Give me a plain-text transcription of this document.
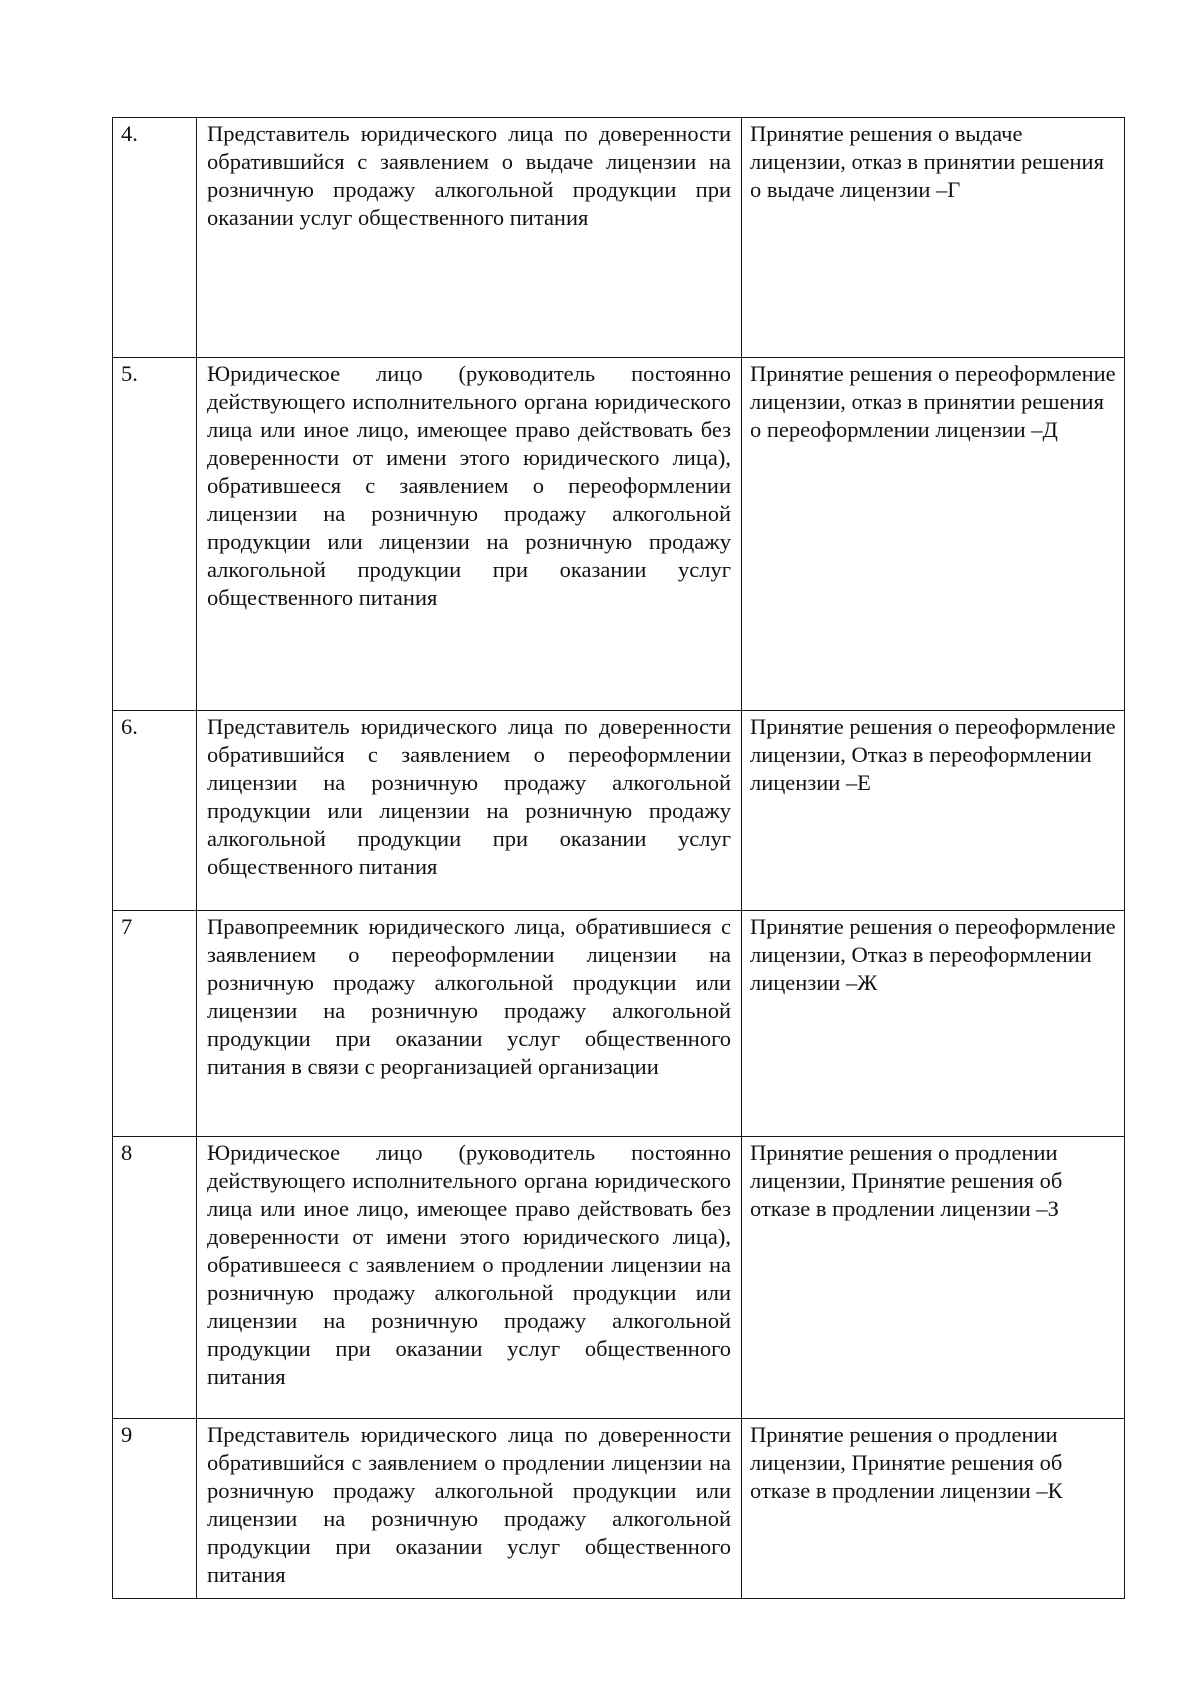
4.	Представитель юридического лица по доверенности обратившийся с заявлением о выдаче лицензии на розничную продажу алкогольной продукции при оказании услуг общественного питания	Принятие решения о выдаче лицензии, отказ в принятии решения о выдаче лицензии –Г
5.	Юридическое лицо (руководитель постоянно действующего исполнительного органа юридического лица или иное лицо, имеющее право действовать без доверенности от имени этого юридического лица), обратившееся с заявлением о переоформлении лицензии на розничную продажу алкогольной продукции или лицензии на розничную продажу алкогольной продукции при оказании услуг общественного питания	Принятие решения о переоформление лицензии, отказ в принятии решения о переоформлении лицензии –Д
6.	Представитель юридического лица по доверенности обратившийся с заявлением о переоформлении лицензии на розничную продажу алкогольной продукции или лицензии на розничную продажу алкогольной продукции при оказании услуг общественного питания	Принятие решения о переоформление лицензии, Отказ в переоформлении лицензии –Е
7	Правопреемник юридического лица, обратившиеся с заявлением о переоформлении лицензии на розничную продажу алкогольной продукции или лицензии на розничную продажу алкогольной продукции при оказании услуг общественного питания в связи с реорганизацией организации	Принятие решения о переоформление лицензии, Отказ в переоформлении лицензии –Ж
8	Юридическое лицо (руководитель постоянно действующего исполнительного органа юридического лица или иное лицо, имеющее право действовать без доверенности от имени этого юридического лица), обратившееся с заявлением о продлении лицензии на розничную продажу алкогольной продукции или лицензии на розничную продажу алкогольной продукции при оказании услуг общественного питания	Принятие решения о продлении лицензии, Принятие решения об отказе в продлении лицензии –З
9	Представитель юридического лица по доверенности обратившийся с заявлением о продлении лицензии на розничную продажу алкогольной продукции или лицензии на розничную продажу алкогольной продукции при оказании услуг общественного питания	Принятие решения о продлении лицензии, Принятие решения об отказе в продлении лицензии –К
